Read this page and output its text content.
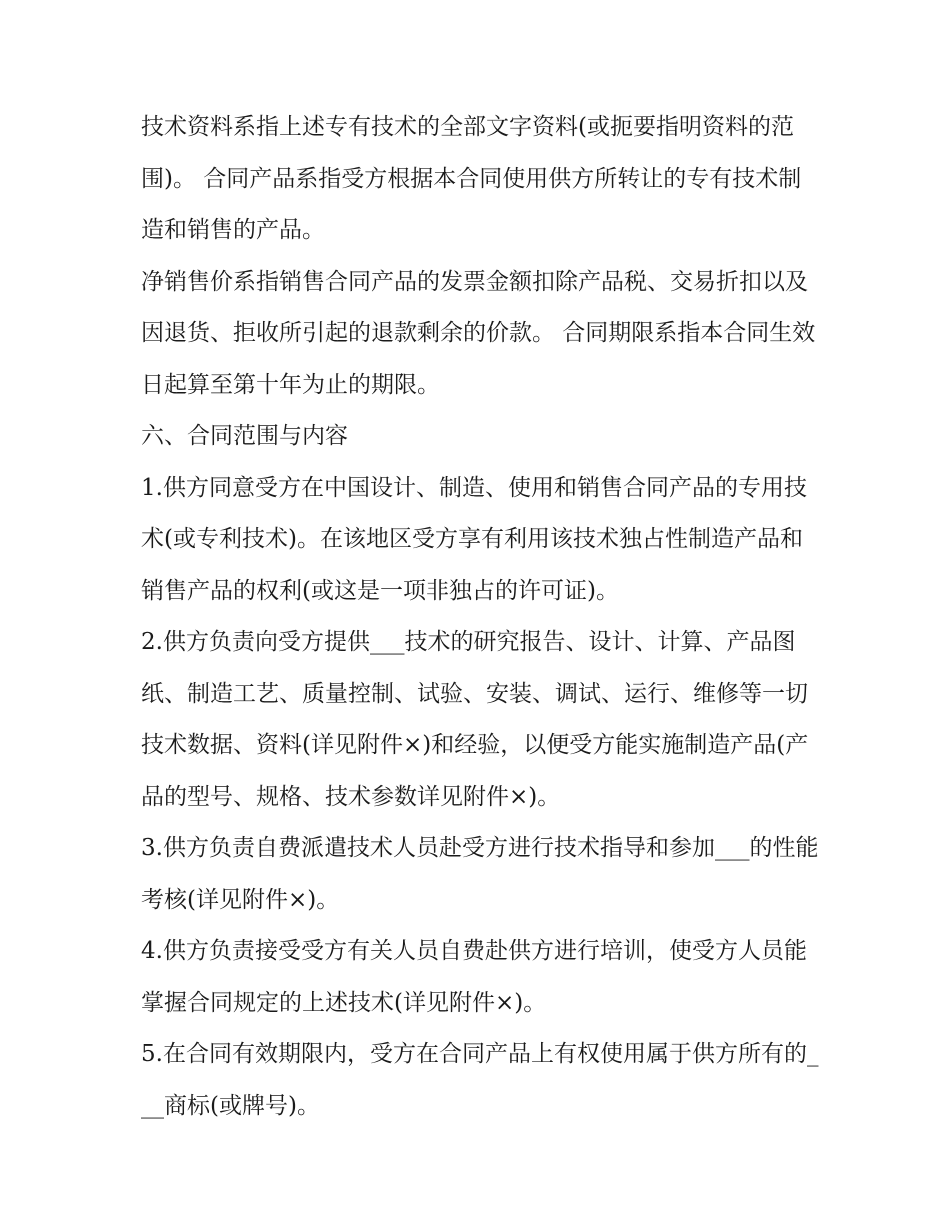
技术资料系指上述专有技术的全部文字资料(或扼要指明资料的范围)。 合同产品系指受方根据本合同使用供方所转让的专有技术制造和销售的产品。

净销售价系指销售合同产品的发票金额扣除产品税、交易折扣以及因退货、拒收所引起的退款剩余的价款。 合同期限系指本合同生效日起算至第十年为止的期限。

六、合同范围与内容

1.供方同意受方在中国设计、制造、使用和销售合同产品的专用技术(或专利技术)。在该地区受方享有利用该技术独占性制造产品和销售产品的权利(或这是一项非独占的许可证)。

2.供方负责向受方提供___技术的研究报告、设计、计算、产品图纸、制造工艺、质量控制、试验、安装、调试、运行、维修等一切技术数据、资料(详见附件×)和经验，以便受方能实施制造产品(产品的型号、规格、技术参数详见附件×)。

3.供方负责自费派遣技术人员赴受方进行技术指导和参加___的性能考核(详见附件×)。

4.供方负责接受受方有关人员自费赴供方进行培训，使受方人员能掌握合同规定的上述技术(详见附件×)。

5.在合同有效期限内，受方在合同产品上有权使用属于供方所有的___商标(或牌号)。
